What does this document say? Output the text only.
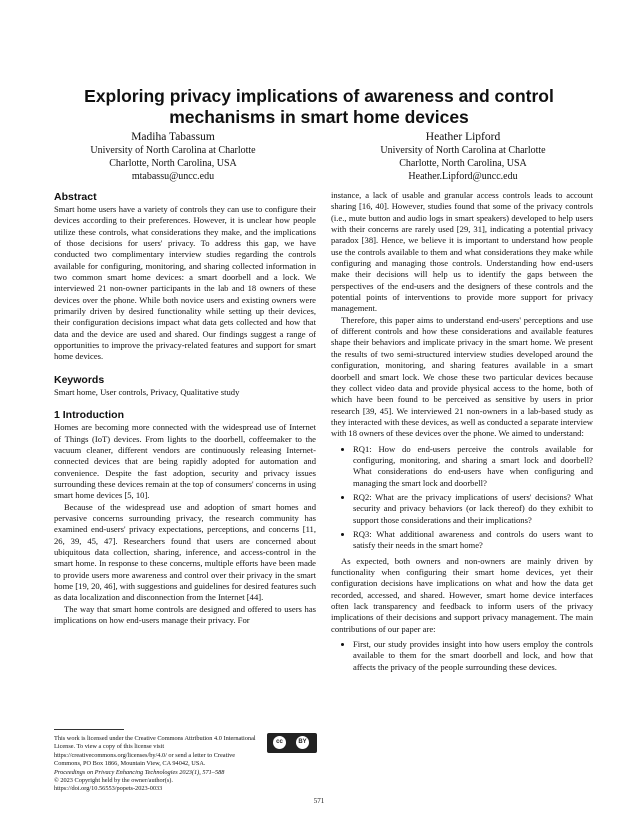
Exploring privacy implications of awareness and control mechanisms in smart home devices
Madiha Tabassum
University of North Carolina at Charlotte
Charlotte, North Carolina, USA
mtabassu@uncc.edu
Heather Lipford
University of North Carolina at Charlotte
Charlotte, North Carolina, USA
Heather.Lipford@uncc.edu
Abstract

Smart home users have a variety of controls they can use to configure their devices according to their preferences. However, it is unclear how people utilize these controls, what considerations they make, and the implications of those decisions for users' privacy. To address this gap, we have conducted two complimentary interview studies regarding the controls available for configuring, monitoring, and sharing collected information in two common smart home devices: a smart doorbell and a lock. We interviewed 21 non-owner participants in the lab and 18 owners of these devices over the phone. While both novice users and existing owners were primarily driven by desired functionality while setting up their devices, their configuration decisions impact what data gets collected and how that data and the device are used and shared. Our findings suggest a range of opportunities to improve the privacy-related features and support for smart home devices.

Keywords

Smart home, User controls, Privacy, Qualitative study

1 Introduction

Homes are becoming more connected with the widespread use of Internet of Things (IoT) devices. From lights to the doorbell, coffeemaker to the vacuum cleaner, different vendors are continuously releasing Internet-connected devices that are being rapidly adopted for automation and convenience. Despite the fast adoption, security and privacy issues surrounding these devices remain at the top of consumers' concerns in using smart home devices [5, 10].

Because of the widespread use and adoption of smart homes and pervasive concerns surrounding privacy, the research community has examined end-users' privacy expectations, perceptions, and concerns [11, 26, 39, 45, 47]. Researchers found that users are concerned about ubiquitous data collection, sharing, inference, and access-control in the smart home. In response to these concerns, multiple efforts have been made to provide users more awareness and control over their privacy in the smart home [19, 20, 46], with suggestions and guidelines for desired features such as data localization and disconnection from the Internet [44].

The way that smart home controls are designed and offered to users has implications on how end-users manage their privacy. For

instance, a lack of usable and granular access controls leads to account sharing [16, 40]. However, studies found that some of the privacy controls (i.e., mute button and audio logs in smart speakers) developed to help users with their concerns are rarely used [29, 31], indicating a potential privacy paradox [38]. Hence, we believe it is important to understand how people use the controls available to them and what considerations they make while configuring and managing those controls. Understanding how end-users make their decisions will help us to identify the gaps between the perspectives of the end-users and the designers of these controls and the potential points of interventions to provide more support for privacy management.

Therefore, this paper aims to understand end-users' perceptions and use of different controls and how these considerations and available features shape their behaviors and implicate privacy in the smart home. We present the results of two semi-structured interview studies developed around the configuration, monitoring, and sharing features available in a smart doorbell and smart lock. We chose these two particular devices because they collect video data and provide physical access to the home, both of which have been found to be perceived as sensitive by users in prior research [39, 45]. We interviewed 21 non-owners in a lab-based study as they interacted with these devices, as well as conducted a separate interview with 18 owners of these devices over the phone. We aimed to understand:

• RQ1: How do end-users perceive the controls available for configuring, monitoring, and sharing a smart lock and doorbell? What considerations do end-users have when configuring and managing the smart lock and doorbell?
• RQ2: What are the privacy implications of users' decisions? What security and privacy behaviors (or lack thereof) do they exhibit to support those considerations and their implications?
• RQ3: What additional awareness and controls do users want to satisfy their needs in the smart home?

As expected, both owners and non-owners are mainly driven by functionality when configuring their smart home devices, yet their configuration decisions have implications on what and how the data get recorded, accessed, and shared. However, smart home device interfaces often lack transparency and feedback to inform users of the privacy implications of their decisions and support privacy management. The main contributions of our paper are:

• First, our study provides insight into how users employ the controls available to them for the smart doorbell and lock, and how that affects the privacy of the people surrounding these devices.
This work is licensed under the Creative Commons Attribution 4.0 International License. To view a copy of this license visit https://creativecommons.org/licenses/by/4.0/ or send a letter to Creative Commons, PO Box 1866, Mountain View, CA 94042, USA.
Proceedings on Privacy Enhancing Technologies 2023(1), 571–588
© 2023 Copyright held by the owner/author(s).
https://doi.org/10.56553/popets-2023-0033
cc	BY
571
